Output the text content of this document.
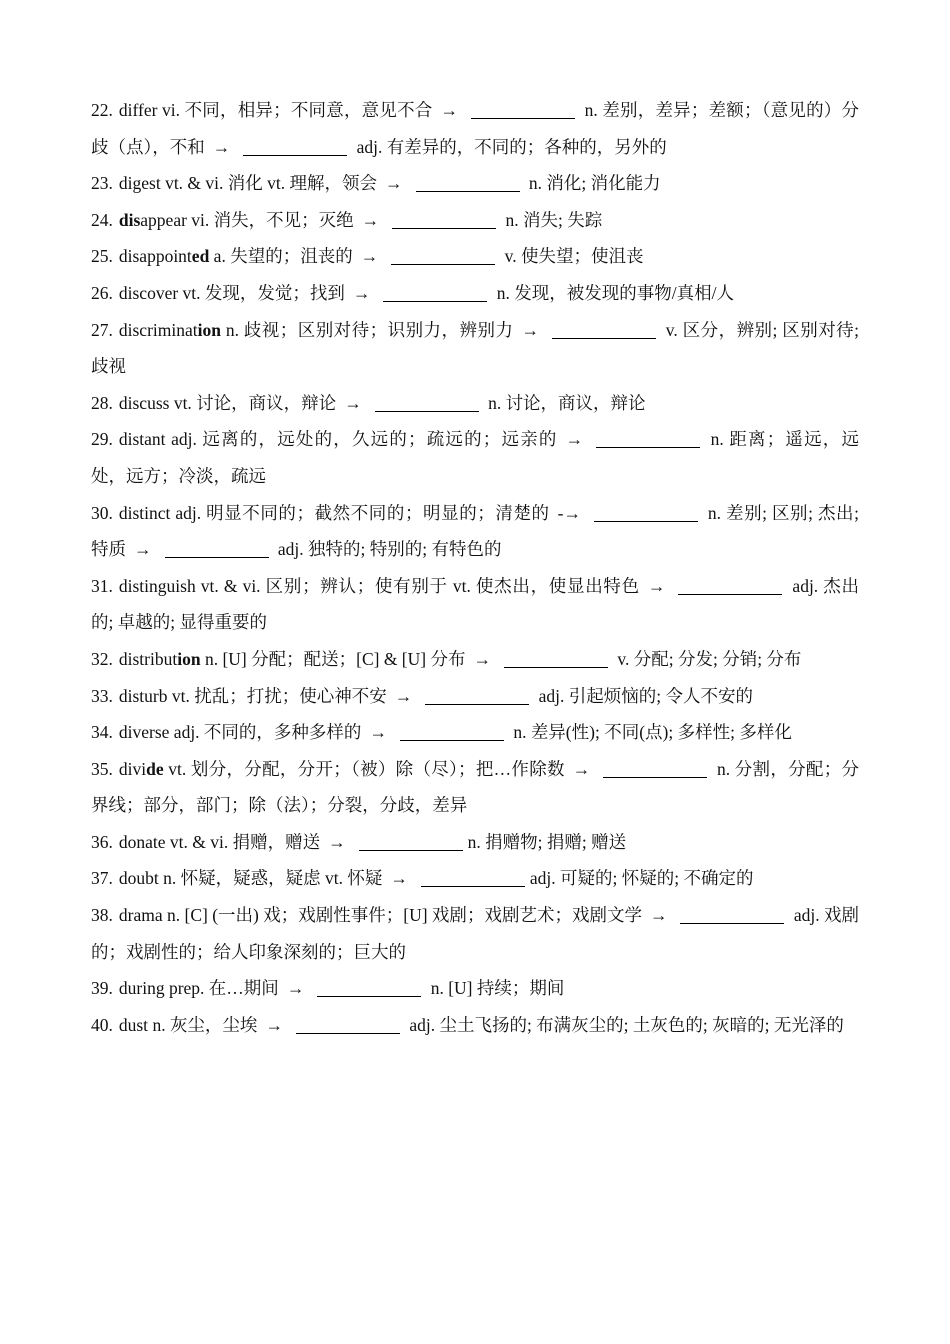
22. differ vi. 不同，相异；不同意，意见不合 →	n. 差别，差异；差额；（意见的）分歧（点），不和 →	adj. 有差异的，不同的；各种的，另外的

23. digest vt. & vi. 消化 vt. 理解，领会 →	n. 消化; 消化能力

24. disappear vi. 消失，不见；灭绝 →	n. 消失; 失踪

25. disappointed a. 失望的；沮丧的 →	v. 使失望；使沮丧

26. discover vt. 发现，发觉；找到 →	n. 发现，被发现的事物/真相/人

27. discrimination n. 歧视；区别对待；识别力，辨别力 →	v. 区分，辨别; 区别对待; 歧视

28. discuss vt. 讨论，商议，辩论 →	n. 讨论，商议，辩论

29. distant adj. 远离的，远处的，久远的；疏远的；远亲的 →	n. 距离；遥远，远处，远方；冷淡，疏远

30. distinct adj. 明显不同的；截然不同的；明显的；清楚的 -→	n. 差别; 区别; 杰出; 特质 →	adj. 独特的; 特别的; 有特色的

31. distinguish vt. & vi. 区别；辨认；使有别于 vt. 使杰出，使显出特色 →	adj. 杰出的; 卓越的; 显得重要的

32. distribution n. [U] 分配；配送；[C] & [U] 分布 →	v. 分配; 分发; 分销; 分布

33. disturb vt. 扰乱；打扰；使心神不安 →	adj. 引起烦恼的; 令人不安的

34. diverse adj. 不同的，多种多样的 →	n. 差异(性); 不同(点); 多样性; 多样化

35. divide vt. 划分，分配，分开；（被）除（尽）；把…作除数 →	n. 分割，分配；分界线；部分，部门；除（法）；分裂，分歧，差异

36. donate vt. & vi. 捐赠，赠送 →	n. 捐赠物; 捐赠; 赠送

37. doubt n. 怀疑，疑惑，疑虑 vt. 怀疑 →	adj. 可疑的; 怀疑的; 不确定的

38. drama n. [C] (一出) 戏；戏剧性事件；[U] 戏剧；戏剧艺术；戏剧文学 →	adj. 戏剧的；戏剧性的；给人印象深刻的；巨大的

39. during prep. 在…期间 →	n. [U] 持续；期间

40. dust n. 灰尘，尘埃 →	adj. 尘土飞扬的; 布满灰尘的; 土灰色的; 灰暗的; 无光泽的
